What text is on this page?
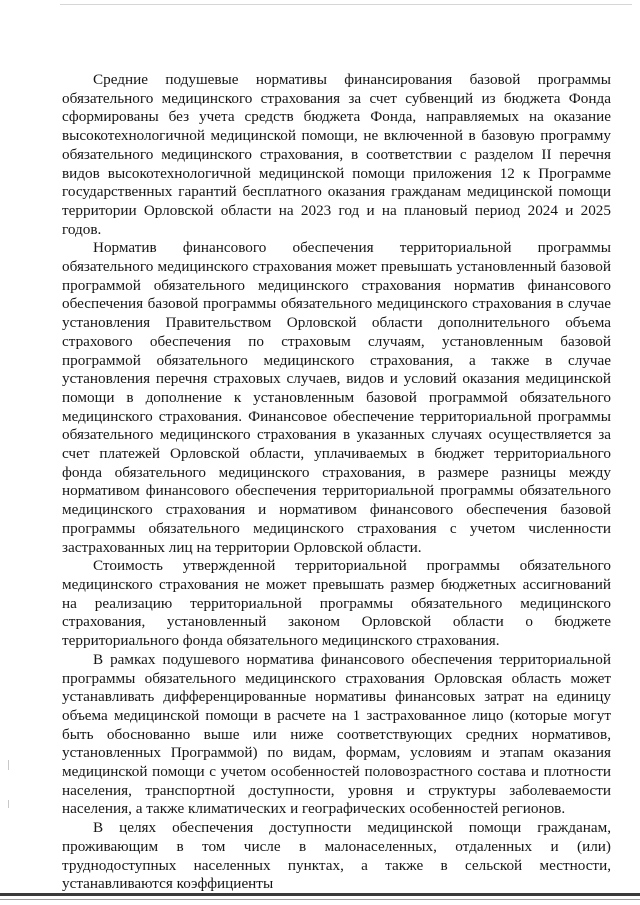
Средние подушевые нормативы финансирования базовой программы обязательного медицинского страхования за счет субвенций из бюджета Фонда сформированы без учета средств бюджета Фонда, направляемых на оказание высокотехнологичной медицинской помощи, не включенной в базовую программу обязательного медицинского страхования, в соответствии с разделом II перечня видов высокотехнологичной медицинской помощи приложения 12 к Программе государственных гарантий бесплатного оказания гражданам медицинской помощи территории Орловской области на 2023 год и на плановый период 2024 и 2025 годов.

Норматив финансового обеспечения территориальной программы обязательного медицинского страхования может превышать установленный базовой программой обязательного медицинского страхования норматив финансового обеспечения базовой программы обязательного медицинского страхования в случае установления Правительством Орловской области дополнительного объема страхового обеспечения по страховым случаям, установленным базовой программой обязательного медицинского страхования, а также в случае установления перечня страховых случаев, видов и условий оказания медицинской помощи в дополнение к установленным базовой программой обязательного медицинского страхования. Финансовое обеспечение территориальной программы обязательного медицинского страхования в указанных случаях осуществляется за счет платежей Орловской области, уплачиваемых в бюджет территориального фонда обязательного медицинского страхования, в размере разницы между нормативом финансового обеспечения территориальной программы обязательного медицинского страхования и нормативом финансового обеспечения базовой программы обязательного медицинского страхования с учетом численности застрахованных лиц на территории Орловской области.

Стоимость утвержденной территориальной программы обязательного медицинского страхования не может превышать размер бюджетных ассигнований на реализацию территориальной программы обязательного медицинского страхования, установленный законом Орловской области о бюджете территориального фонда обязательного медицинского страхования.

В рамках подушевого норматива финансового обеспечения территориальной программы обязательного медицинского страхования Орловская область может устанавливать дифференцированные нормативы финансовых затрат на единицу объема медицинской помощи в расчете на 1 застрахованное лицо (которые могут быть обоснованно выше или ниже соответствующих средних нормативов, установленных Программой) по видам, формам, условиям и этапам оказания медицинской помощи с учетом особенностей половозрастного состава и плотности населения, транспортной доступности, уровня и структуры заболеваемости населения, а также климатических и географических особенностей регионов.

В целях обеспечения доступности медицинской помощи гражданам, проживающим в том числе в малонаселенных, отдаленных и (или) труднодоступных населенных пунктах, а также в сельской местности, устанавливаются коэффициенты
